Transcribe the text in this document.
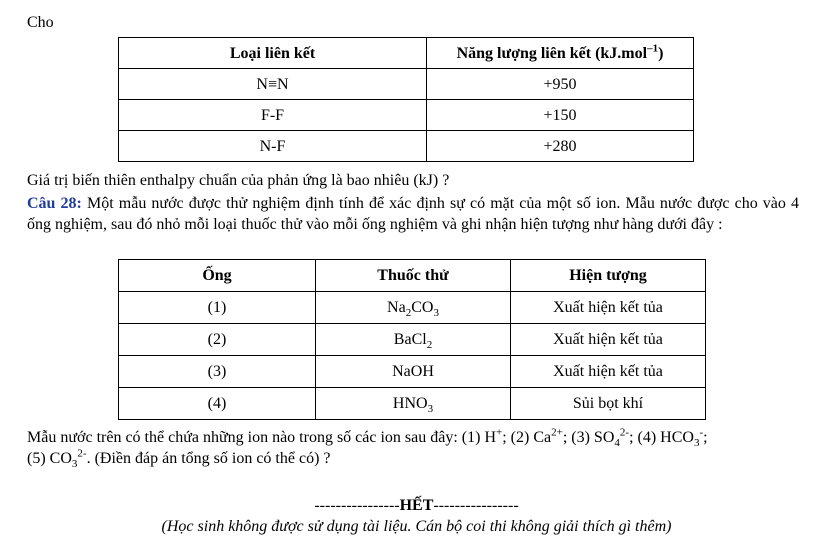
Cho
Loại liên kết	Năng lượng liên kết (kJ.mol$^{-1}$)
N≡N	+950
F-F	+150
N-F	+280
Giá trị biến thiên enthalpy chuẩn của phản ứng là bao nhiêu (kJ) ?
Câu 28: Một mẫu nước được thử nghiệm định tính để xác định sự có mặt của một số ion. Mẫu nước được cho vào 4 ống nghiệm, sau đó nhỏ mỗi loại thuốc thử vào mỗi ống nghiệm và ghi nhận hiện tượng như hàng dưới đây :
Ống	Thuốc thử	Hiện tượng
(1)	$Na_2CO_3$	Xuất hiện kết tủa
(2)	BaCl$_2$	Xuất hiện kết tủa
(3)	NaOH	Xuất hiện kết tủa
(4)	$HNO_3$	Sủi bọt khí
Mẫu nước trên có thể chứa những ion nào trong số các ion sau đây: (1) H+; (2) $Ca^{2+}$; (3) $SO_4^{2-}$; (4) $HCO_3^-$;
(5) $CO_3^{2-}$. (Điền đáp án tổng số ion có thể có) ?
----------------HẾT----------------
(Học sinh không được sử dụng tài liệu. Cán bộ coi thi không giải thích gì thêm)
